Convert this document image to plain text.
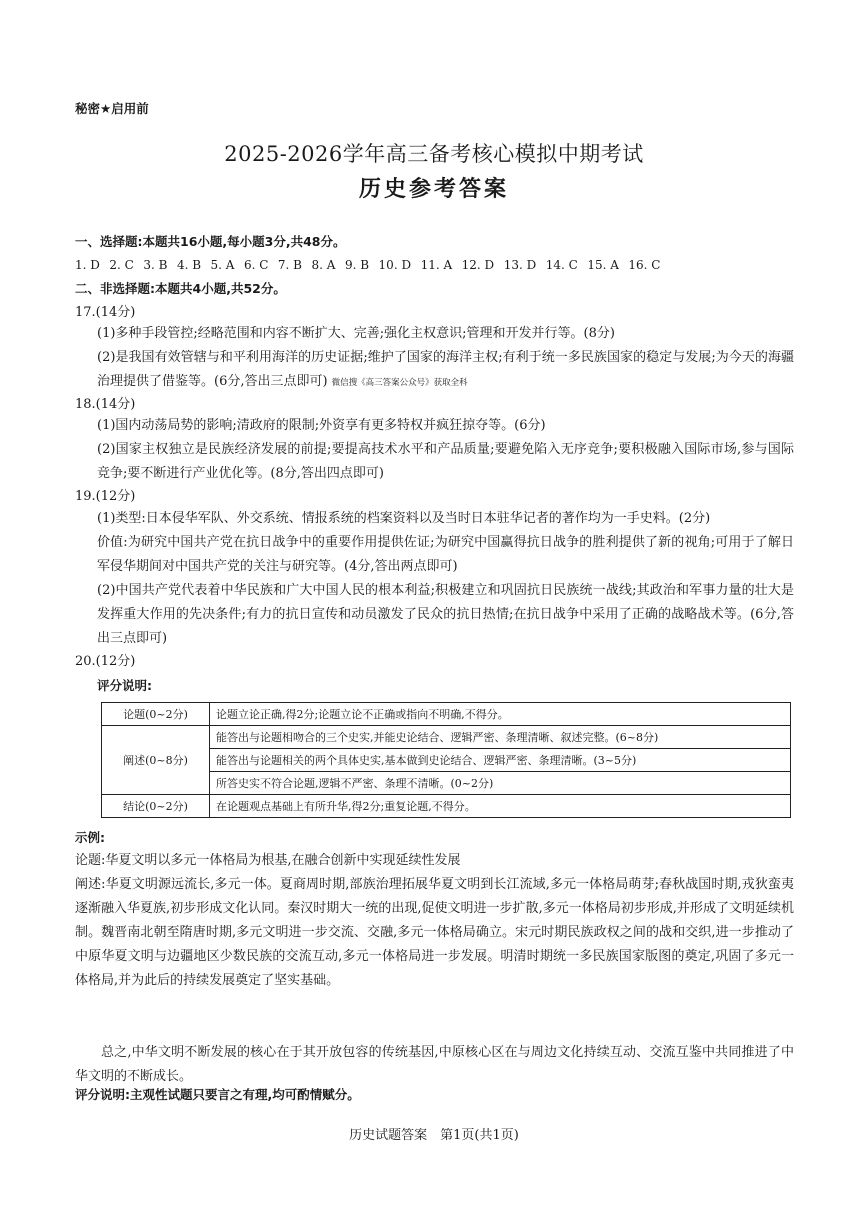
秘密★启用前
2025-2026学年高三备考核心模拟中期考试
历史参考答案
一、选择题:本题共16小题,每小题3分,共48分。
1. D 2. C 3. B 4. B 5. A 6. C 7. B 8. A 9. B 10. D 11. A 12. D 13. D 14. C 15. A 16. C
二、非选择题:本题共4小题,共52分。
17.(14分)
(1)多种手段管控;经略范围和内容不断扩大、完善;强化主权意识;管理和开发并行等。(8分)
(2)是我国有效管辖与和平利用海洋的历史证据;维护了国家的海洋主权;有利于统一多民族国家的稳定与发展;为今天的海疆治理提供了借鉴等。(6分,答出三点即可) 微信搜《高三答案公众号》获取全科
18.(14分)
(1)国内动荡局势的影响;清政府的限制;外资享有更多特权并疯狂掠夺等。(6分)
(2)国家主权独立是民族经济发展的前提;要提高技术水平和产品质量;要避免陷入无序竞争;要积极融入国际市场,参与国际竞争;要不断进行产业优化等。(8分,答出四点即可)
19.(12分)
(1)类型:日本侵华军队、外交系统、情报系统的档案资料以及当时日本驻华记者的著作均为一手史料。(2分)
价值:为研究中国共产党在抗日战争中的重要作用提供佐证;为研究中国赢得抗日战争的胜利提供了新的视角;可用于了解日军侵华期间对中国共产党的关注与研究等。(4分,答出两点即可)
(2)中国共产党代表着中华民族和广大中国人民的根本利益;积极建立和巩固抗日民族统一战线;其政治和军事力量的壮大是发挥重大作用的先决条件;有力的抗日宣传和动员激发了民众的抗日热情;在抗日战争中采用了正确的战略战术等。(6分,答出三点即可)
20.(12分)
评分说明:
论题(0~2分)	论题立论正确,得2分;论题立论不正确或指向不明确,不得分。
阐述(0~8分)	能答出与论题相吻合的三个史实,并能史论结合、逻辑严密、条理清晰、叙述完整。(6~8分)
	能答出与论题相关的两个具体史实,基本做到史论结合、逻辑严密、条理清晰。(3~5分)
	所答史实不符合论题,逻辑不严密、条理不清晰。(0~2分)
结论(0~2分)	在论题观点基础上有所升华,得2分;重复论题,不得分。
示例:
论题:华夏文明以多元一体格局为根基,在融合创新中实现延续性发展
阐述:华夏文明源远流长,多元一体。夏商周时期,部族治理拓展华夏文明到长江流域,多元一体格局萌芽;春秋战国时期,戎狄蛮夷逐渐融入华夏族,初步形成文化认同。秦汉时期大一统的出现,促使文明进一步扩散,多元一体格局初步形成,并形成了文明延续机制。魏晋南北朝至隋唐时期,多元文明进一步交流、交融,多元一体格局确立。宋元时期民族政权之间的战和交织,进一步推动了中原华夏文明与边疆地区少数民族的交流互动,多元一体格局进一步发展。明清时期统一多民族国家版图的奠定,巩固了多元一体格局,并为此后的持续发展奠定了坚实基础。
总之,中华文明不断发展的核心在于其开放包容的传统基因,中原核心区在与周边文化持续互动、交流互鉴中共同推进了中华文明的不断成长。
评分说明:主观性试题只要言之有理,均可酌情赋分。
历史试题答案　第1页(共1页)
